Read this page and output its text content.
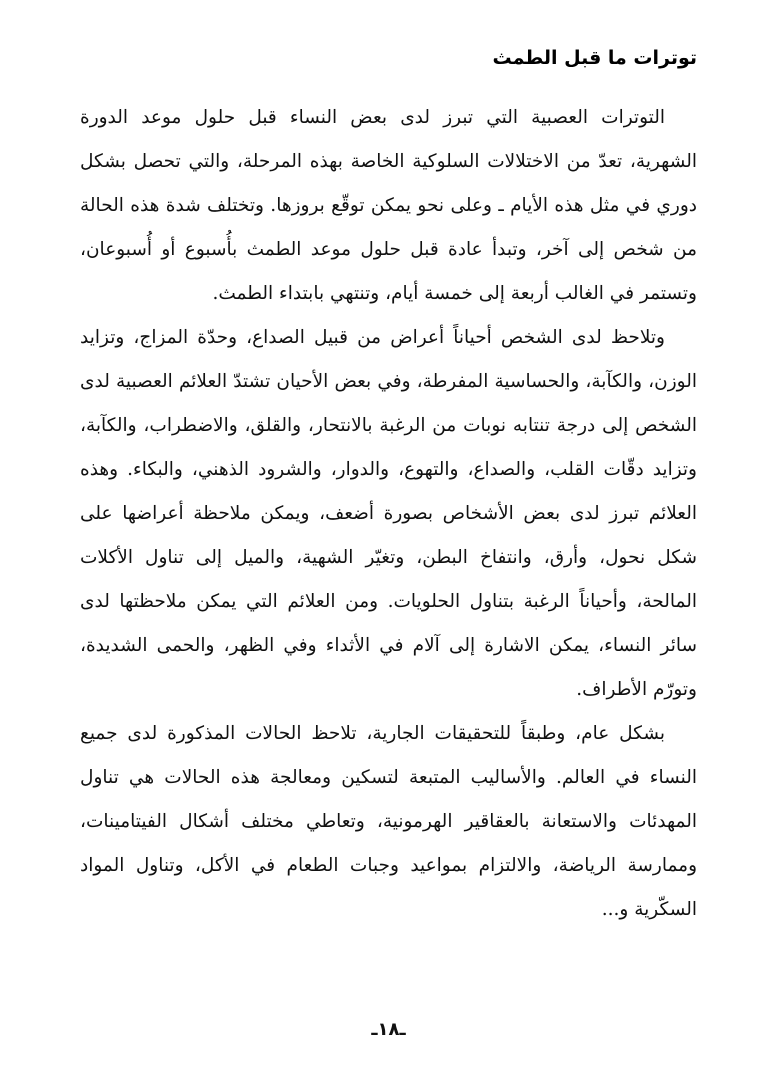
توترات ما قبل الطمث

التوترات العصبية التي تبرز لدى بعض النساء قبل حلول موعد الدورة الشهرية، تعدّ من الاختلالات السلوكية الخاصة بهذه المرحلة، والتي تحصل بشكل دوري في مثل هذه الأيام ـ وعلى نحو يمكن توقّع بروزها. وتختلف شدة هذه الحالة من شخص إلى آخر، وتبدأ عادة قبل حلول موعد الطمث بأُسبوع أو أُسبوعان، وتستمر في الغالب أربعة إلى خمسة أيام، وتنتهي بابتداء الطمث.

وتلاحظ لدى الشخص أحياناً أعراض من قبيل الصداع، وحدّة المزاج، وتزايد الوزن، والكآبة، والحساسية المفرطة، وفي بعض الأحيان تشتدّ العلائم العصبية لدى الشخص إلى درجة تنتابه نوبات من الرغبة بالانتحار، والقلق، والاضطراب، والكآبة، وتزايد دقّات القلب، والصداع، والتهوع، والدوار، والشرود الذهني، والبكاء. وهذه العلائم تبرز لدى بعض الأشخاص بصورة أضعف، ويمكن ملاحظة أعراضها على شكل نحول، وأرق، وانتفاخ البطن، وتغيّر الشهية، والميل إلى تناول الأكلات المالحة، وأحياناً الرغبة بتناول الحلويات. ومن العلائم التي يمكن ملاحظتها لدى سائر النساء، يمكن الاشارة إلى آلام في الأثداء وفي الظهر، والحمى الشديدة، وتورّم الأطراف.

بشكل عام، وطبقاً للتحقيقات الجارية، تلاحظ الحالات المذكورة لدى جميع النساء في العالم. والأساليب المتبعة لتسكين ومعالجة هذه الحالات هي تناول المهدئات والاستعانة بالعقاقير الهرمونية، وتعاطي مختلف أشكال الفيتامينات، وممارسة الرياضة، والالتزام بمواعيد وجبات الطعام في الأكل، وتناول المواد السكّرية و...

ـ١٨ـ
